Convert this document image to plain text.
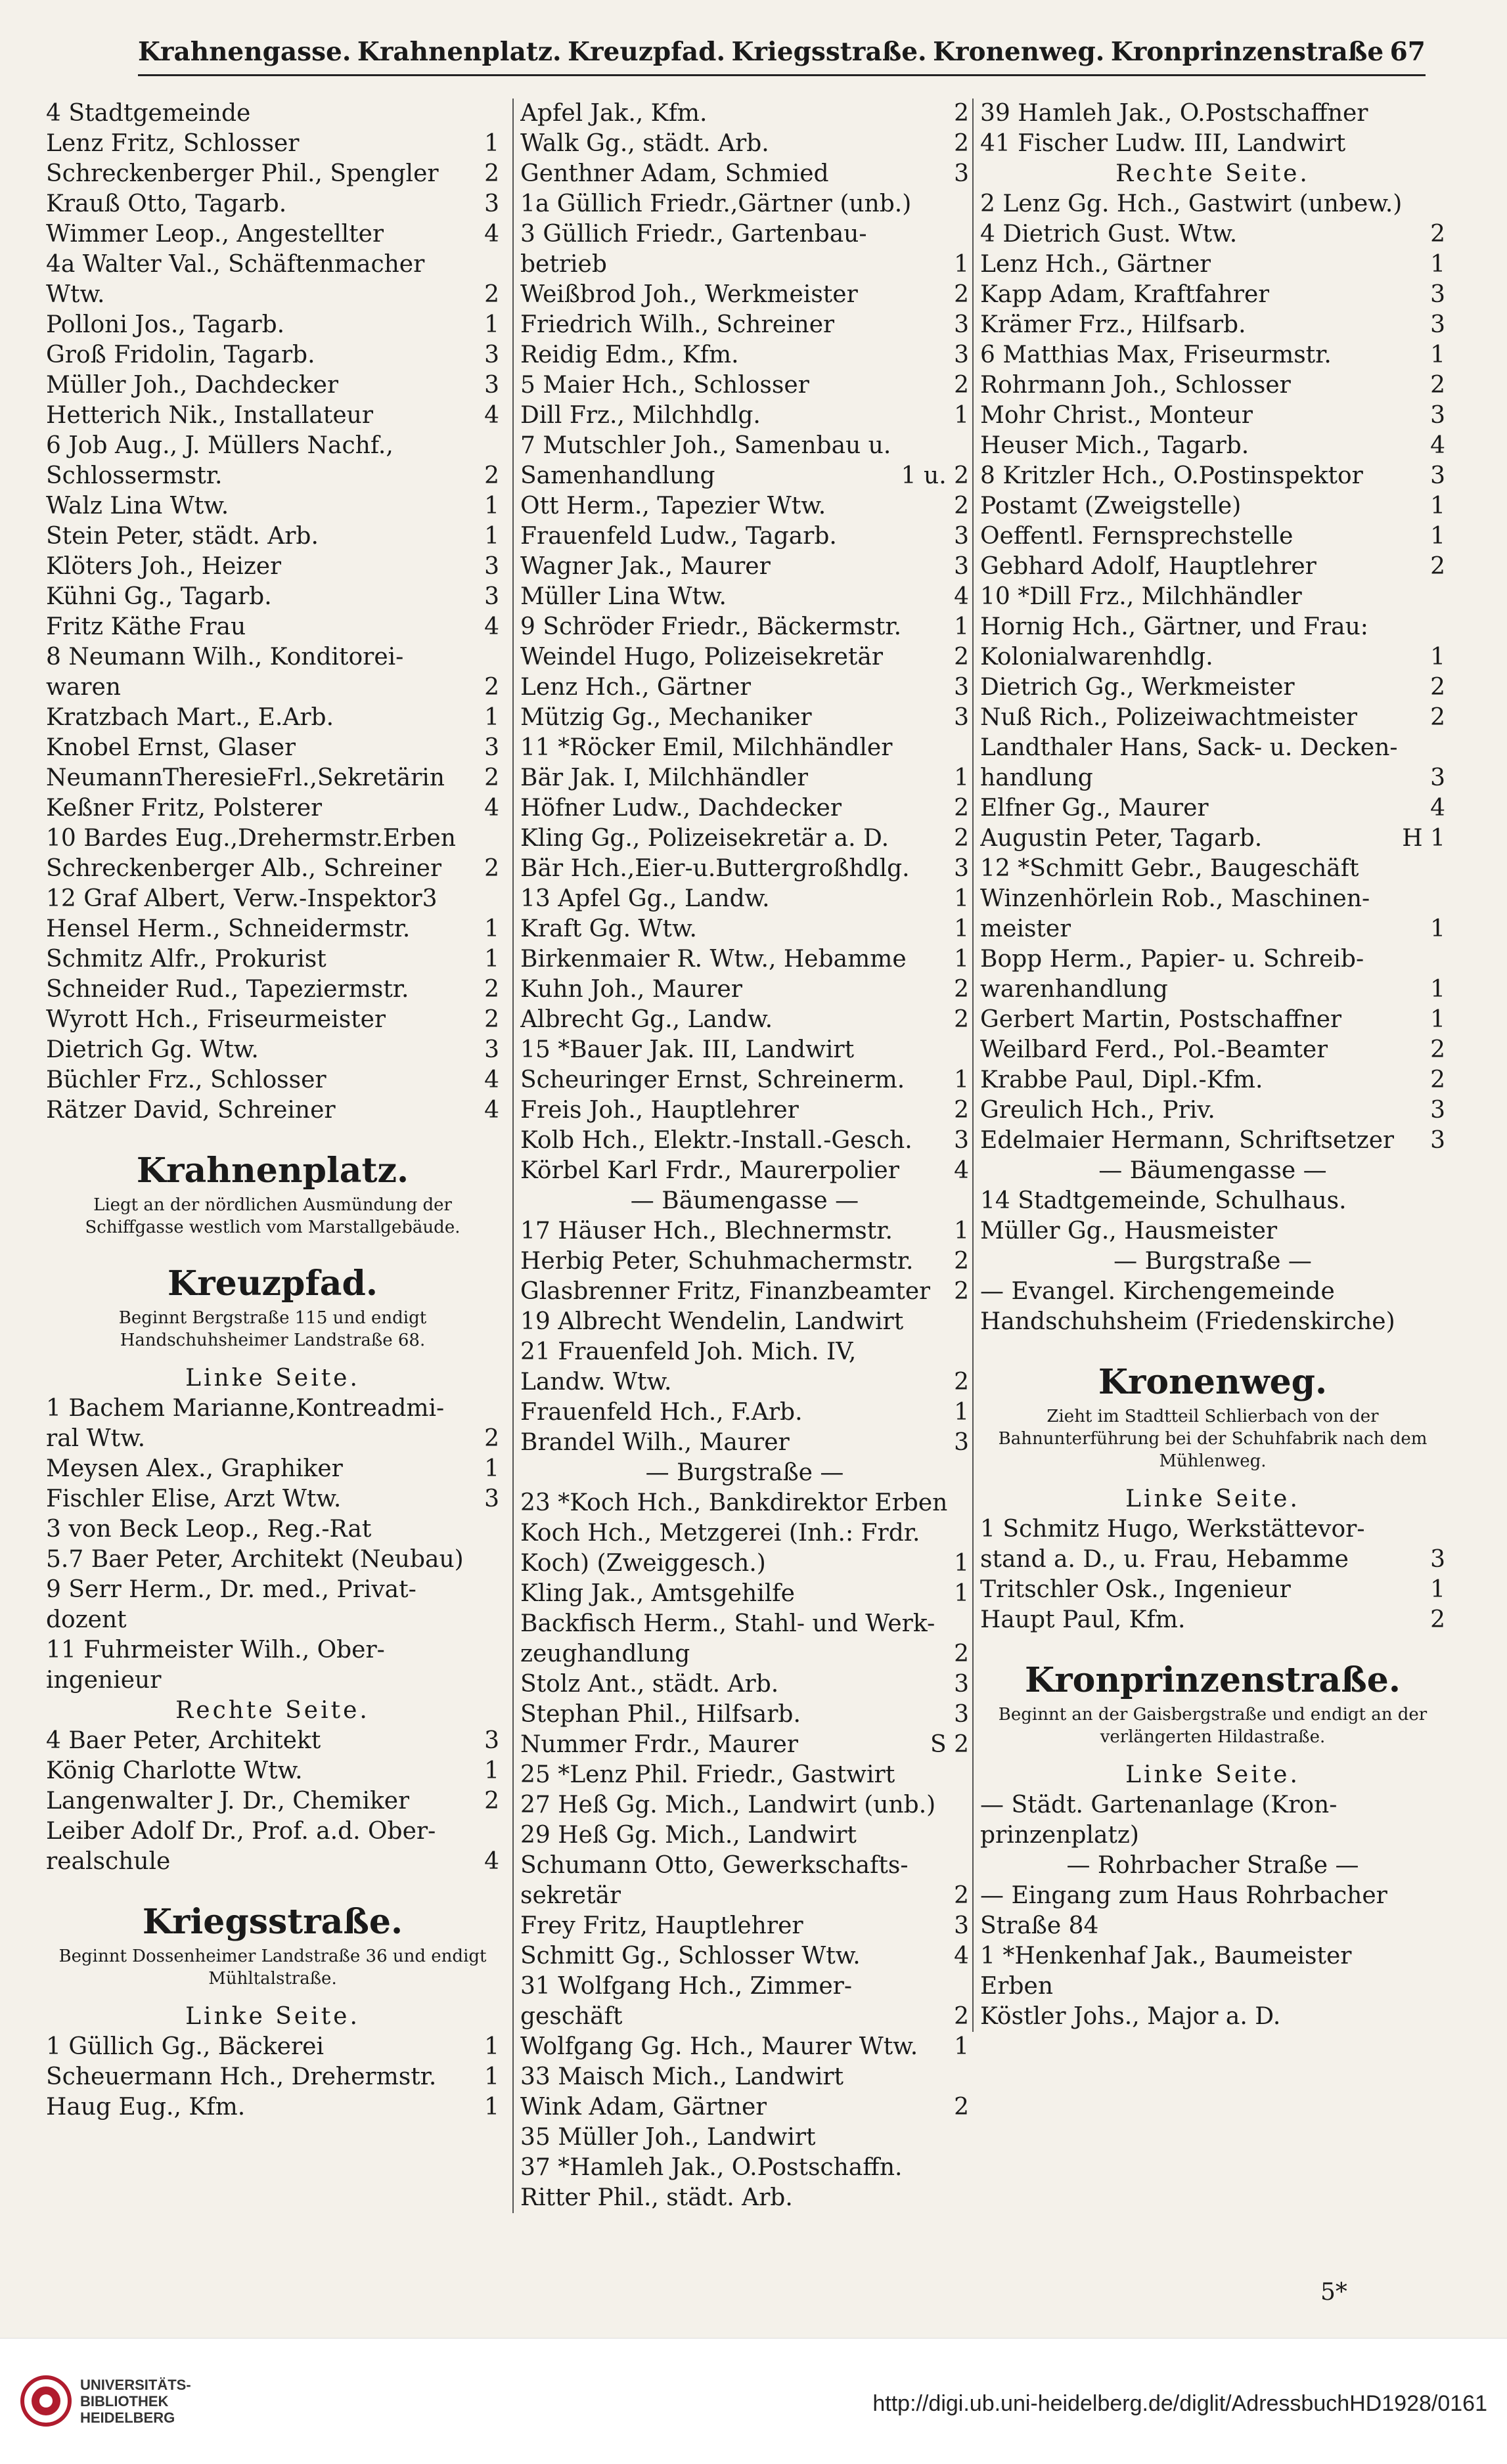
Krahnengasse. Krahnenplatz. Kreuzpfad. Kriegsstraße. Kronenweg. Kronprinzenstraße 67
4 Stadtgemeinde
Lenz Fritz, Schlosser	1
Schreckenberger Phil., Spengler 2
Krauß Otto, Tagarb.	3
Wimmer Leop., Angestellter	4
4a Walter Val., Schäftenmacher
Wtw.	2
Polloni Jos., Tagarb.	1
Groß Fridolin, Tagarb.	3
Müller Joh., Dachdecker	3
Hetterich Nik., Installateur	4
6 Job Aug., J. Müllers Nachf.,
Schlossermstr.	2
Walz Lina Wtw.	1
Stein Peter, städt. Arb.	1
Klöters Joh., Heizer	3
Kühni Gg., Tagarb.	3
Fritz Käthe Frau	4
8 Neumann Wilh., Konditorei-
waren	2
Kratzbach Mart., E.Arb.	1
Knobel Ernst, Glaser	3
NeumannTheresieFrl.,Sekretärin 2
Keßner Fritz, Polsterer	4
10 Bardes Eug.,Drehermstr.Erben
Schreckenberger Alb., Schreiner 2
12 Graf Albert, Verw.-Inspektor3
Hensel Herm., Schneidermstr.	1
Schmitz Alfr., Prokurist	1
Schneider Rud., Tapeziermstr.	2
Wyrott Hch., Friseurmeister	2
Dietrich Gg. Wtw.	3
Büchler Frz., Schlosser	4
Rätzer David, Schreiner	4
Krahnenplatz.
Liegt an der nördlichen Ausmündung der Schiffgasse westlich vom Marstallgebäude.
Kreuzpfad.
Beginnt Bergstraße 115 und endigt Handschuhsheimer Landstraße 68.
Linke Seite.
1 Bachem Marianne,Kontreadmi-
ral Wtw.	2
Meysen Alex., Graphiker	1
Fischler Elise, Arzt Wtw.	3
3 von Beck Leop., Reg.-Rat
5.7 Baer Peter, Architekt (Neubau)
9 Serr Herm., Dr. med., Privat-
dozent
11 Fuhrmeister Wilh., Ober-
ingenieur
Rechte Seite.
4 Baer Peter, Architekt	3
König Charlotte Wtw.	1
Langenwalter J. Dr., Chemiker	2
Leiber Adolf Dr., Prof. a.d. Ober-
realschule	4
Kriegsstraße.
Beginnt Dossenheimer Landstraße 36 und endigt Mühltalstraße.
Linke Seite.
1 Güllich Gg., Bäckerei	1
Scheuermann Hch., Drehermstr. 1
Haug Eug., Kfm.	1
Apfel Jak., Kfm.	2
Walk Gg., städt. Arb.	2
Genthner Adam, Schmied	3
1a Güllich Friedr.,Gärtner (unb.)
3 Güllich Friedr., Gartenbau-
betrieb	1
Weißbrod Joh., Werkmeister	2
Friedrich Wilh., Schreiner	3
Reidig Edm., Kfm.	3
5 Maier Hch., Schlosser	2
Dill Frz., Milchhdlg.	1
7 Mutschler Joh., Samenbau u.
Samenhandlung	1 u. 2
Ott Herm., Tapezier Wtw.	2
Frauenfeld Ludw., Tagarb.	3
Wagner Jak., Maurer	3
Müller Lina Wtw.	4
9 Schröder Friedr., Bäckermstr. 1
Weindel Hugo, Polizeisekretär	2
Lenz Hch., Gärtner	3
Mützig Gg., Mechaniker	3
11 *Röcker Emil, Milchhändler
Bär Jak. I, Milchhändler	1
Höfner Ludw., Dachdecker	2
Kling Gg., Polizeisekretär a. D.	2
Bär Hch.,Eier-u.Buttergroßhdlg. 3
13 Apfel Gg., Landw.	1
Kraft Gg. Wtw.	1
Birkenmaier R. Wtw., Hebamme 1
Kuhn Joh., Maurer	2
Albrecht Gg., Landw.	2
15 *Bauer Jak. III, Landwirt
Scheuringer Ernst, Schreinerm. 1
Freis Joh., Hauptlehrer	2
Kolb Hch., Elektr.-Install.-Gesch. 3
Körbel Karl Frdr., Maurerpolier 4
— Bäumengasse —
17 Häuser Hch., Blechnermstr.	1
Herbig Peter, Schuhmachermstr. 2
Glasbrenner Fritz, Finanzbeamter 2
19 Albrecht Wendelin, Landwirt
21 Frauenfeld Joh. Mich. IV,
Landw. Wtw.	2
Frauenfeld Hch., F.Arb.	1
Brandel Wilh., Maurer	3
— Burgstraße —
23 *Koch Hch., Bankdirektor Erben
Koch Hch., Metzgerei (Inh.: Frdr.
Koch) (Zweiggesch.)	1
Kling Jak., Amtsgehilfe	1
Backfisch Herm., Stahl- und Werk-
zeughandlung	2
Stolz Ant., städt. Arb.	3
Stephan Phil., Hilfsarb.	3
Nummer Frdr., Maurer	S 2
25 *Lenz Phil. Friedr., Gastwirt
27 Heß Gg. Mich., Landwirt (unb.)
29 Heß Gg. Mich., Landwirt
Schumann Otto, Gewerkschafts-
sekretär	2
Frey Fritz, Hauptlehrer	3
Schmitt Gg., Schlosser Wtw.	4
31 Wolfgang Hch., Zimmer-
geschäft	2
Wolfgang Gg. Hch., Maurer Wtw. 1
33 Maisch Mich., Landwirt
Wink Adam, Gärtner	2
35 Müller Joh., Landwirt
37 *Hamleh Jak., O.Postschaffn.
Ritter Phil., städt. Arb.
39 Hamleh Jak., O.Postschaffner
41 Fischer Ludw. III, Landwirt
Rechte Seite.
2 Lenz Gg. Hch., Gastwirt (unbew.)
4 Dietrich Gust. Wtw.	2
Lenz Hch., Gärtner	1
Kapp Adam, Kraftfahrer	3
Krämer Frz., Hilfsarb.	3
6 Matthias Max, Friseurmstr.	1
Rohrmann Joh., Schlosser	2
Mohr Christ., Monteur	3
Heuser Mich., Tagarb.	4
8 Kritzler Hch., O.Postinspektor	3
Postamt (Zweigstelle)	1
Oeffentl. Fernsprechstelle	1
Gebhard Adolf, Hauptlehrer	2
10 *Dill Frz., Milchhändler
Hornig Hch., Gärtner, und Frau:
Kolonialwarenhdlg.	1
Dietrich Gg., Werkmeister	2
Nuß Rich., Polizeiwachtmeister	2
Landthaler Hans, Sack- u. Decken-
handlung	3
Elfner Gg., Maurer	4
Augustin Peter, Tagarb.	H 1
12 *Schmitt Gebr., Baugeschäft
Winzenhörlein Rob., Maschinen-
meister	1
Bopp Herm., Papier- u. Schreib-
warenhandlung	1
Gerbert Martin, Postschaffner	1
Weilbard Ferd., Pol.-Beamter	2
Krabbe Paul, Dipl.-Kfm.	2
Greulich Hch., Priv.	3
Edelmaier Hermann, Schriftsetzer 3
— Bäumengasse —
14 Stadtgemeinde, Schulhaus.
Müller Gg., Hausmeister
— Burgstraße —
— Evangel. Kirchengemeinde
Handschuhsheim (Friedenskirche)
Kronenweg.
Zieht im Stadtteil Schlierbach von der Bahnunterführung bei der Schuhfabrik nach dem Mühlenweg.
Linke Seite.
1 Schmitz Hugo, Werkstättevor-
stand a. D., u. Frau, Hebamme	3
Tritschler Osk., Ingenieur	1
Haupt Paul, Kfm.	2
Kronprinzenstraße.
Beginnt an der Gaisbergstraße und endigt an der verlängerten Hildastraße.
Linke Seite.
— Städt. Gartenanlage (Kron-
prinzenplatz)
— Rohrbacher Straße —
— Eingang zum Haus Rohrbacher
Straße 84
1 *Henkenhaf Jak., Baumeister
Erben
Köstler Johs., Major a. D.
5*
UNIVERSITÄTS-
BIBLIOTHEK
HEIDELBERG
http://digi.ub.uni-heidelberg.de/diglit/AdressbuchHD1928/0161
